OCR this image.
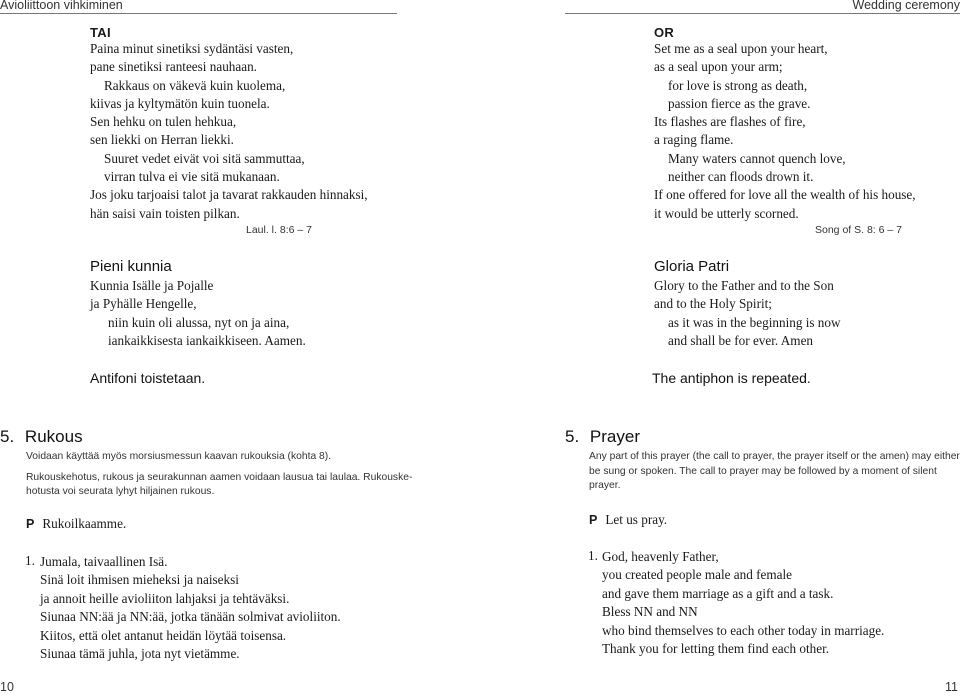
Avioliittoon vihkiminen	Wedding ceremony
TAI
Paina minut sinetiksi sydäntäsi vasten,
pane sinetiksi ranteesi nauhaan.
Rakkaus on väkevä kuin kuolema,
kiivas ja kyltymätön kuin tuonela.
Sen hehku on tulen hehkua,
sen liekki on Herran liekki.
Suuret vedet eivät voi sitä sammuttaa,
virran tulva ei vie sitä mukanaan.
Jos joku tarjoaisi talot ja tavarat rakkauden hinnaksi,
hän saisi vain toisten pilkan.
Laul. l. 8:6 – 7
Pieni kunnia
Kunnia Isälle ja Pojalle
ja Pyhälle Hengelle,
niin kuin oli alussa, nyt on ja aina,
iankaikkisesta iankaikkiseen. Aamen.
Antifoni toistetaan.
OR
Set me as a seal upon your heart,
as a seal upon your arm;
for love is strong as death,
passion fierce as the grave.
Its flashes are flashes of fire,
a raging flame.
Many waters cannot quench love,
neither can floods drown it.
If one offered for love all the wealth of his house,
it would be utterly scorned.
Song of S. 8: 6 – 7
Gloria Patri
Glory to the Father and to the Son
and to the Holy Spirit;
as it was in the beginning is now
and shall be for ever. Amen
The antiphon is repeated.
5. Rukous
Voidaan käyttää myös morsiusmessun kaavan rukouksia (kohta 8).
Rukouskehotus, rukous ja seurakunnan aamen voidaan lausua tai laulaa. Rukouske-
hotusta voi seurata lyhyt hiljainen rukous.
P Rukoilkaamme.
1. Jumala, taivaallinen Isä.
Sinä loit ihmisen mieheksi ja naiseksi
ja annoit heille avioliiton lahjaksi ja tehtäväksi.
Siunaa NN:ää ja NN:ää, jotka tänään solmivat avioliiton.
Kiitos, että olet antanut heidän löytää toisensa.
Siunaa tämä juhla, jota nyt vietämme.
10
5. Prayer
Any part of this prayer (the call to prayer, the prayer itself or the amen) may either
be sung or spoken. The call to prayer may be followed by a moment of silent
prayer.
P Let us pray.
1. God, heavenly Father,
you created people male and female
and gave them marriage as a gift and a task.
Bless NN and NN
who bind themselves to each other today in marriage.
Thank you for letting them find each other.
11
